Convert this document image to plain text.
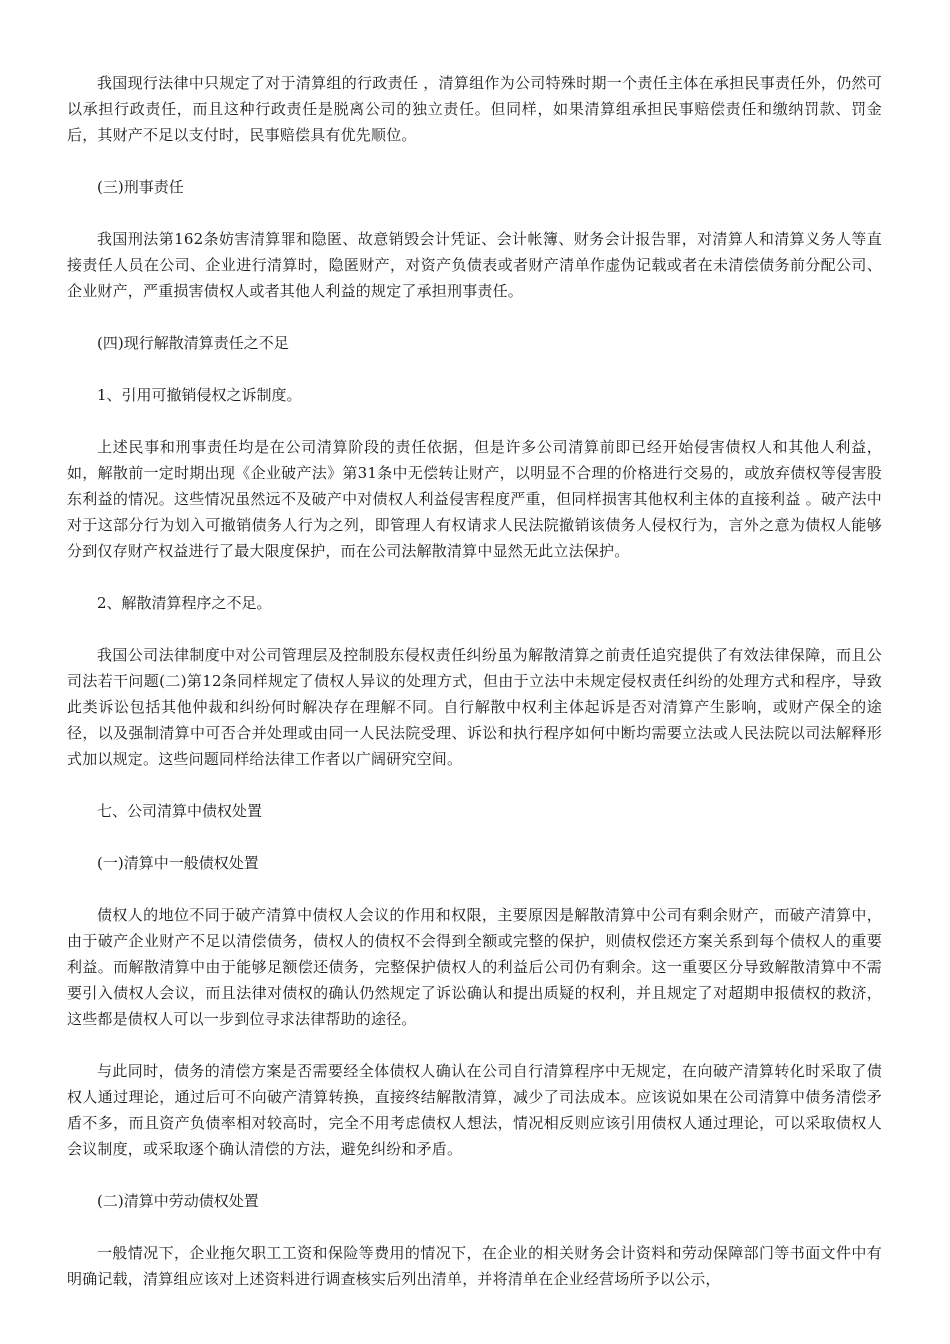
我国现行法律中只规定了对于清算组的行政责任 ，清算组作为公司特殊时期一个责任主体在承担民事责任外，仍然可以承担行政责任，而且这种行政责任是脱离公司的独立责任。但同样，如果清算组承担民事赔偿责任和缴纳罚款、罚金后，其财产不足以支付时，民事赔偿具有优先顺位。

(三)刑事责任

我国刑法第162条妨害清算罪和隐匿、故意销毁会计凭证、会计帐簿、财务会计报告罪，对清算人和清算义务人等直接责任人员在公司、企业进行清算时，隐匿财产，对资产负债表或者财产清单作虚伪记载或者在未清偿债务前分配公司、企业财产，严重损害债权人或者其他人利益的规定了承担刑事责任。

(四)现行解散清算责任之不足

1、引用可撤销侵权之诉制度。

上述民事和刑事责任均是在公司清算阶段的责任依据，但是许多公司清算前即已经开始侵害债权人和其他人利益，如，解散前一定时期出现《企业破产法》第31条中无偿转让财产，以明显不合理的价格进行交易的，或放弃债权等侵害股东利益的情况。这些情况虽然远不及破产中对债权人利益侵害程度严重，但同样损害其他权利主体的直接利益 。破产法中对于这部分行为划入可撤销债务人行为之列，即管理人有权请求人民法院撤销该债务人侵权行为，言外之意为债权人能够分到仅存财产权益进行了最大限度保护，而在公司法解散清算中显然无此立法保护。

2、解散清算程序之不足。

我国公司法律制度中对公司管理层及控制股东侵权责任纠纷虽为解散清算之前责任追究提供了有效法律保障，而且公司法若干问题(二)第12条同样规定了债权人异议的处理方式，但由于立法中未规定侵权责任纠纷的处理方式和程序，导致此类诉讼包括其他仲裁和纠纷何时解决存在理解不同。自行解散中权利主体起诉是否对清算产生影响，或财产保全的途径，以及强制清算中可否合并处理或由同一人民法院受理、诉讼和执行程序如何中断均需要立法或人民法院以司法解释形式加以规定。这些问题同样给法律工作者以广阔研究空间。

七、公司清算中债权处置

(一)清算中一般债权处置

债权人的地位不同于破产清算中债权人会议的作用和权限，主要原因是解散清算中公司有剩余财产，而破产清算中，由于破产企业财产不足以清偿债务，债权人的债权不会得到全额或完整的保护，则债权偿还方案关系到每个债权人的重要利益。而解散清算中由于能够足额偿还债务，完整保护债权人的利益后公司仍有剩余。这一重要区分导致解散清算中不需要引入债权人会议，而且法律对债权的确认仍然规定了诉讼确认和提出质疑的权利，并且规定了对超期申报债权的救济，这些都是债权人可以一步到位寻求法律帮助的途径。

与此同时，债务的清偿方案是否需要经全体债权人确认在公司自行清算程序中无规定，在向破产清算转化时采取了债权人通过理论，通过后可不向破产清算转换，直接终结解散清算，减少了司法成本。应该说如果在公司清算中债务清偿矛盾不多，而且资产负债率相对较高时，完全不用考虑债权人想法，情况相反则应该引用债权人通过理论，可以采取债权人会议制度，或采取逐个确认清偿的方法，避免纠纷和矛盾。

(二)清算中劳动债权处置

一般情况下，企业拖欠职工工资和保险等费用的情况下，在企业的相关财务会计资料和劳动保障部门等书面文件中有明确记载，清算组应该对上述资料进行调查核实后列出清单，并将清单在企业经营场所予以公示，
